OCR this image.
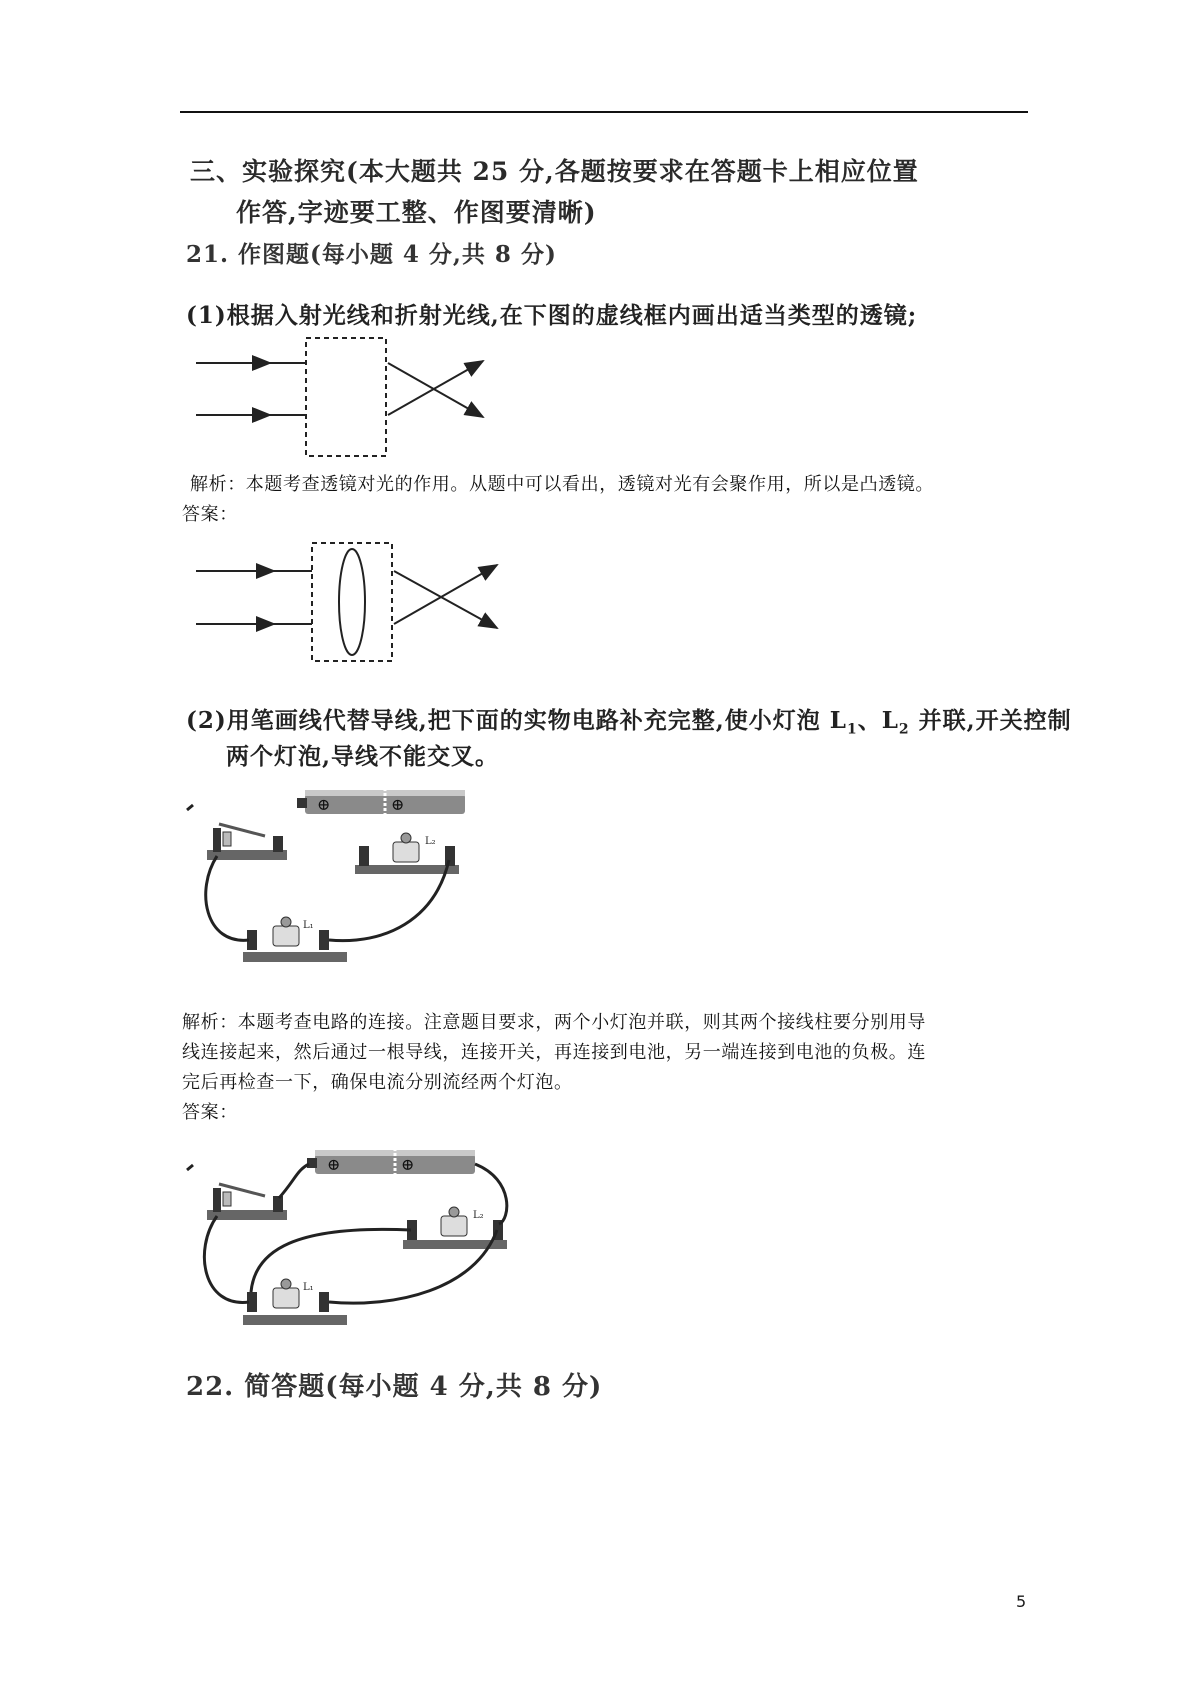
三、实验探究(本大题共 25 分,各题按要求在答题卡上相应位置
作答,字迹要工整、作图要清晰)
21. 作图题(每小题 4 分,共 8 分)
(1)根据入射光线和折射光线,在下图的虚线框内画出适当类型的透镜;
解析：本题考查透镜对光的作用。从题中可以看出，透镜对光有会聚作用，所以是凸透镜。
答案：
(2)用笔画线代替导线,把下面的实物电路补充完整,使小灯泡 $L_1$、$L_2$ 并联,开关控制
两个灯泡,导线不能交叉。
⊕	⊕
L₂
L₁
解析：本题考查电路的连接。注意题目要求，两个小灯泡并联，则其两个接线柱要分别用导
线连接起来，然后通过一根导线，连接开关，再连接到电池，另一端连接到电池的负极。连
完后再检查一下，确保电流分别流经两个灯泡。
答案：
⊕	⊕
L₂
L₁
22. 简答题(每小题 4 分,共 8 分)
5
